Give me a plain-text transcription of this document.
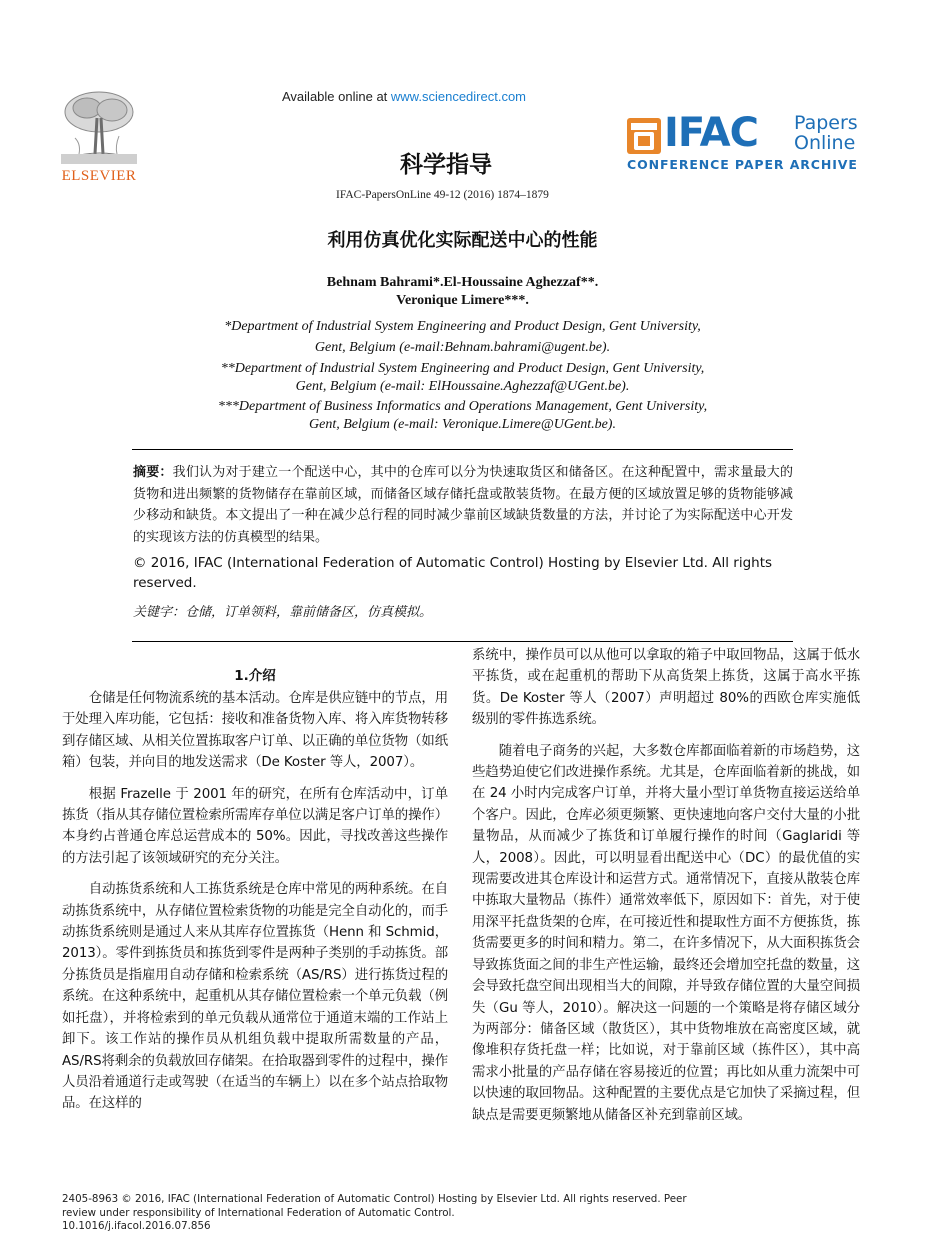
ELSEVIER
Available online at www.sciencedirect.com
科学指导
IFAC-PapersOnLine 49-12 (2016) 1874–1879
IFAC Papers
Online
CONFERENCE PAPER ARCHIVE
利用仿真优化实际配送中心的性能
Behnam Bahrami*.El-Houssaine Aghezzaf**.
Veronique Limere***.
*Department of Industrial System Engineering and Product Design, Gent University,
Gent, Belgium (e-mail:Behnam.bahrami@ugent.be).
**Department of Industrial System Engineering and Product Design, Gent University,
Gent, Belgium (e-mail: ElHoussaine.Aghezzaf@UGent.be).
***Department of Business Informatics and Operations Management, Gent University,
Gent, Belgium (e-mail: Veronique.Limere@UGent.be).
摘要：我们认为对于建立一个配送中心，其中的仓库可以分为快速取货区和储备区。在这种配置中，需求量最大的货物和进出频繁的货物储存在靠前区域，而储备区域存储托盘或散装货物。在最方便的区域放置足够的货物能够减少移动和缺货。本文提出了一种在减少总行程的同时减少靠前区域缺货数量的方法，并讨论了为实际配送中心开发的实现该方法的仿真模型的结果。
© 2016, IFAC (International Federation of Automatic Control) Hosting by Elsevier Ltd. All rights reserved.
关键字：仓储，订单领料，靠前储备区，仿真模拟。
1.介绍

仓储是任何物流系统的基本活动。仓库是供应链中的节点，用于处理入库功能，它包括：接收和准备货物入库、将入库货物转移到存储区域、从相关位置拣取客户订单、以正确的单位货物（如纸箱）包装，并向目的地发送需求（De Koster 等人，2007）。

根据 Frazelle 于 2001 年的研究，在所有仓库活动中，订单拣货（指从其存储位置检索所需库存单位以满足客户订单的操作）本身约占普通仓库总运营成本的 50%。因此，寻找改善这些操作的方法引起了该领域研究的充分关注。

自动拣货系统和人工拣货系统是仓库中常见的两种系统。在自动拣货系统中，从存储位置检索货物的功能是完全自动化的，而手动拣货系统则是通过人来从其库存位置拣货（Henn 和 Schmid，2013）。零件到拣货员和拣货到零件是两种子类别的手动拣货。部分拣货员是指雇用自动存储和检索系统（AS/RS）进行拣货过程的系统。在这种系统中，起重机从其存储位置检索一个单元负载（例如托盘），并将检索到的单元负载从通常位于通道末端的工作站上卸下。该工作站的操作员从机组负载中提取所需数量的产品，AS/RS将剩余的负载放回存储架。在拾取器到零件的过程中，操作人员沿着通道行走或驾驶（在适当的车辆上）以在多个站点拾取物品。在这样的

系统中，操作员可以从他可以拿取的箱子中取回物品，这属于低水平拣货，或在起重机的帮助下从高货架上拣货，这属于高水平拣货。De Koster 等人（2007）声明超过 80%的西欧仓库实施低级别的零件拣选系统。

随着电子商务的兴起，大多数仓库都面临着新的市场趋势，这些趋势迫使它们改进操作系统。尤其是，仓库面临着新的挑战，如在 24 小时内完成客户订单，并将大量小型订单货物直接运送给单个客户。因此，仓库必须更频繁、更快速地向客户交付大量的小批量物品，从而减少了拣货和订单履行操作的时间（Gaglaridi 等人，2008）。因此，可以明显看出配送中心（DC）的最优值的实现需要改进其仓库设计和运营方式。通常情况下，直接从散装仓库中拣取大量物品（拣件）通常效率低下，原因如下：首先，对于使用深平托盘货架的仓库，在可接近性和提取性方面不方便拣货，拣货需要更多的时间和精力。第二，在许多情况下，从大面积拣货会导致拣货面之间的非生产性运输，最终还会增加空托盘的数量，这会导致托盘空间出现相当大的间隙，并导致存储位置的大量空间损失（Gu 等人，2010）。解决这一问题的一个策略是将存储区域分为两部分：储备区域（散货区），其中货物堆放在高密度区域，就像堆积存货托盘一样；比如说，对于靠前区域（拣件区），其中高需求小批量的产品存储在容易接近的位置；再比如从重力流架中可以快速的取回物品。这种配置的主要优点是它加快了采摘过程，但缺点是需要更频繁地从储备区补充到靠前区域。

2405-8963 © 2016, IFAC (International Federation of Automatic Control) Hosting by Elsevier Ltd. All rights reserved. Peer
review under responsibility of International Federation of Automatic Control.
10.1016/j.ifacol.2016.07.856
